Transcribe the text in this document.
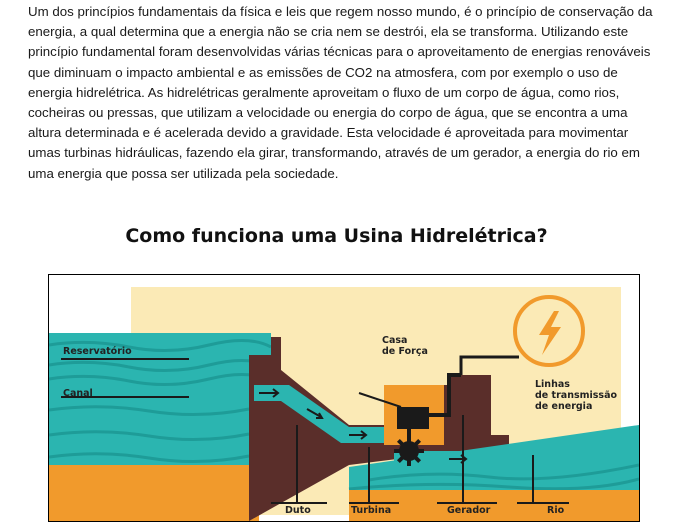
Um dos princípios fundamentais da física e leis que regem nosso mundo, é o princípio de conservação da energia, a qual determina que a energia não se cria nem se destrói, ela se transforma. Utilizando este princípio fundamental foram desenvolvidas várias técnicas para o aproveitamento de energias renováveis que diminuam o impacto ambiental e as emissões de CO2 na atmosfera, com por exemplo o uso de energia hidrelétrica. As hidrelétricas geralmente aproveitam o fluxo de um corpo de água, como rios, cocheiras ou pressas, que utilizam a velocidade ou energia do corpo de água, que se encontra a uma altura determinada e é acelerada devido a gravidade. Esta velocidade é aproveitada para movimentar umas turbinas hidráulicas, fazendo ela girar, transformando, através de um gerador, a energia do rio em uma energia que possa ser utilizada pela sociedade.

Como funciona uma Usina Hidrelétrica?
Reservatório
Canal
Casa
de Força
Linhas
de transmissão
de energia
Duto	Turbina	Gerador	Rio
